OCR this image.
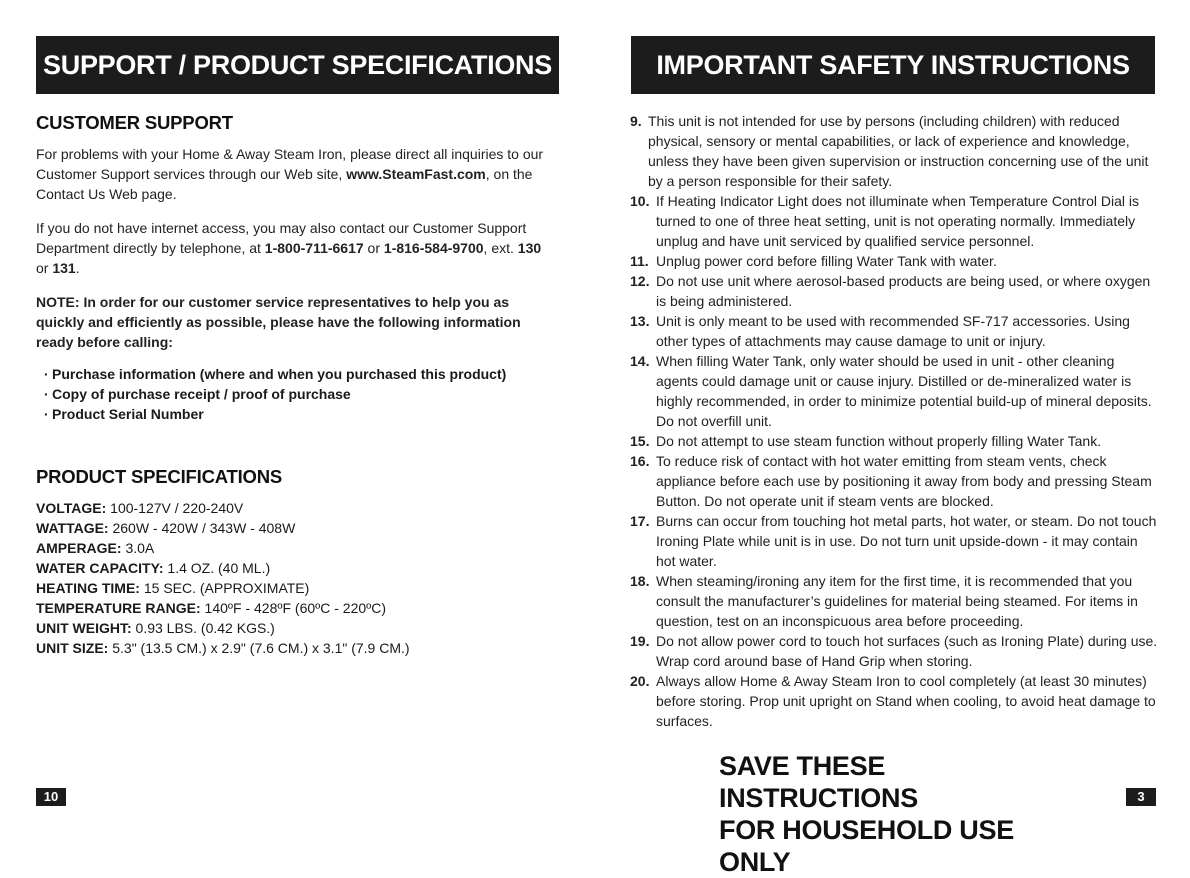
SUPPORT / PRODUCT SPECIFICATIONS
CUSTOMER SUPPORT

For problems with your Home & Away Steam Iron, please direct all inquiries to our Customer Support services through our Web site, www.SteamFast.com, on the Contact Us Web page.

If you do not have internet access, you may also contact our Customer Support Department directly by telephone, at 1-800-711-6617 or 1-816-584-9700, ext. 130 or 131.

NOTE: In order for our customer service representatives to help you as quickly and efficiently as possible, please have the following information ready before calling:

· Purchase information (where and when you purchased this product)
· Copy of purchase receipt / proof of purchase
· Product Serial Number
PRODUCT SPECIFICATIONS

VOLTAGE: 100-127V / 220-240V

WATTAGE: 260W - 420W / 343W - 408W

AMPERAGE: 3.0A

WATER CAPACITY: 1.4 OZ. (40 ML.)

HEATING TIME: 15 SEC. (APPROXIMATE)

TEMPERATURE RANGE: 140ºF - 428ºF (60ºC - 220ºC)

UNIT WEIGHT: 0.93 LBS. (0.42 KGS.)

UNIT SIZE: 5.3" (13.5 CM.) x 2.9" (7.6 CM.) x 3.1" (7.9 CM.)

10
IMPORTANT SAFETY INSTRUCTIONS
9. This unit is not intended for use by persons (including children) with reduced physical, sensory or mental capabilities, or lack of experience and knowledge, unless they have been given supervision or instruction concerning use of the unit by a person responsible for their safety.
10. If Heating Indicator Light does not illuminate when Temperature Control Dial is turned to one of three heat setting, unit is not operating normally. Immediately unplug and have unit serviced by qualified service personnel.
11. Unplug power cord before filling Water Tank with water.
12. Do not use unit where aerosol-based products are being used, or where oxygen is being administered.
13. Unit is only meant to be used with recommended SF-717 accessories. Using other types of attachments may cause damage to unit or injury.
14. When filling Water Tank, only water should be used in unit - other cleaning agents could damage unit or cause injury. Distilled or de-mineralized water is highly recommended, in order to minimize potential build-up of mineral deposits. Do not overfill unit.
15. Do not attempt to use steam function without properly filling Water Tank.
16. To reduce risk of contact with hot water emitting from steam vents, check appliance before each use by positioning it away from body and pressing Steam Button. Do not operate unit if steam vents are blocked.
17. Burns can occur from touching hot metal parts, hot water, or steam. Do not touch Ironing Plate while unit is in use. Do not turn unit upside-down - it may contain hot water.
18. When steaming/ironing any item for the first time, it is recommended that you consult the manufacturer’s guidelines for material being steamed. For items in question, test on an inconspicuous area before proceeding.
19. Do not allow power cord to touch hot surfaces (such as Ironing Plate) during use. Wrap cord around base of Hand Grip when storing.
20. Always allow Home & Away Steam Iron to cool completely (at least 30 minutes) before storing. Prop unit upright on Stand when cooling, to avoid heat damage to surfaces.
SAVE THESE INSTRUCTIONS
FOR HOUSEHOLD USE ONLY
3
